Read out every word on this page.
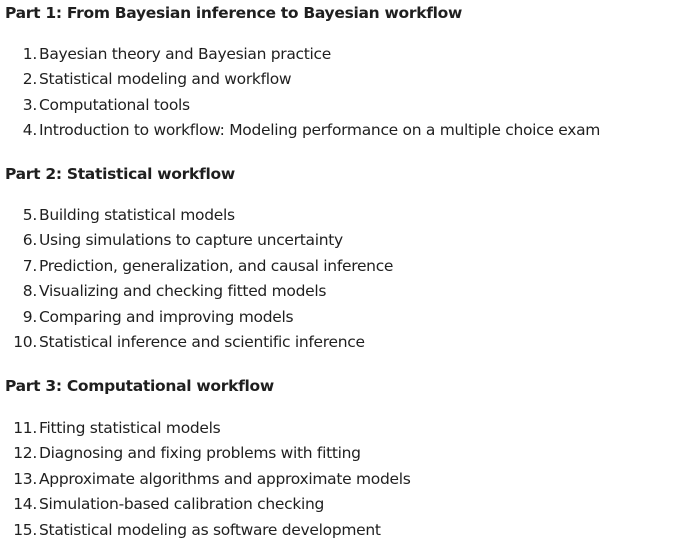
Part 1: From Bayesian inference to Bayesian workflow
1. Bayesian theory and Bayesian practice
2. Statistical modeling and workflow
3. Computational tools
4. Introduction to workflow: Modeling performance on a multiple choice exam
Part 2: Statistical workflow
5. Building statistical models
6. Using simulations to capture uncertainty
7. Prediction, generalization, and causal inference
8. Visualizing and checking fitted models
9. Comparing and improving models
10. Statistical inference and scientific inference
Part 3: Computational workflow
11. Fitting statistical models
12. Diagnosing and fixing problems with fitting
13. Approximate algorithms and approximate models
14. Simulation-based calibration checking
15. Statistical modeling as software development
